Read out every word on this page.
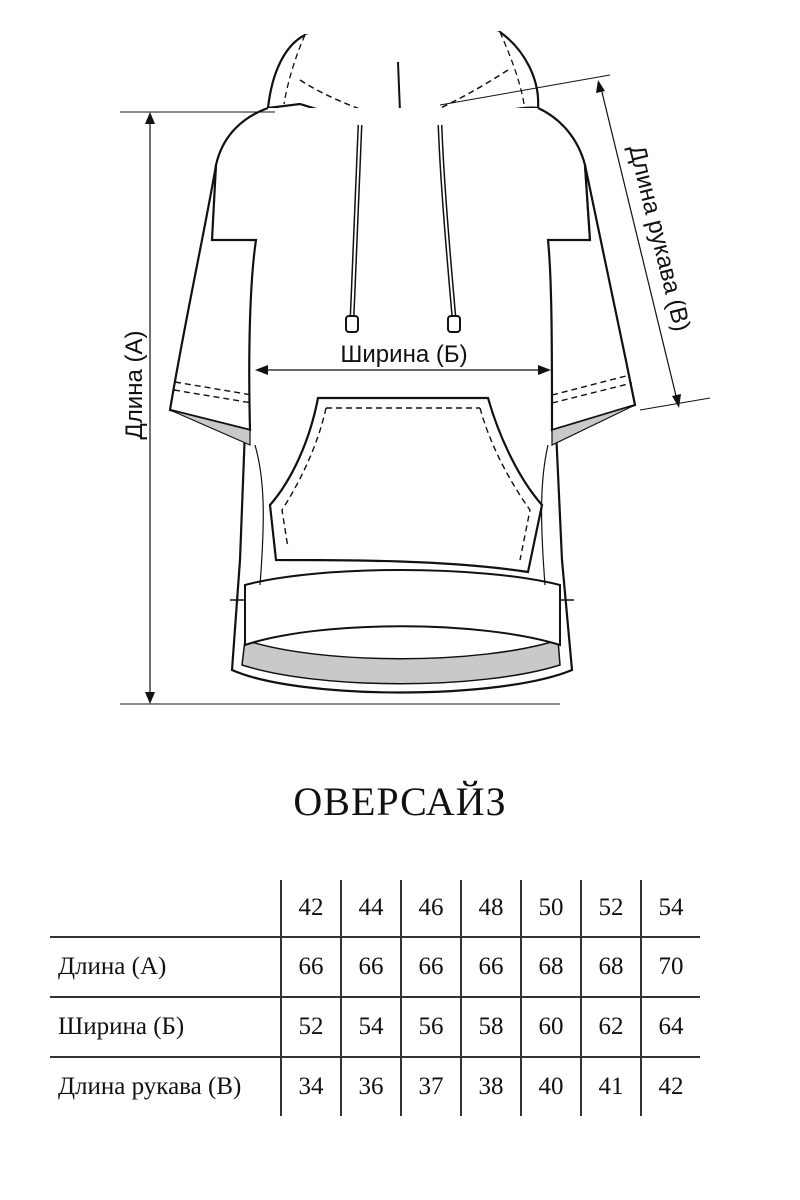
Длина (А)	Ширина (Б)
Длина рукава (В)
ОВЕРСАЙЗ
	42	44	46	48	50	52	54
Длина (А)	66	66	66	66	68	68	70
Ширина (Б)	52	54	56	58	60	62	64
Длина рукава (В)	34	36	37	38	40	41	42
